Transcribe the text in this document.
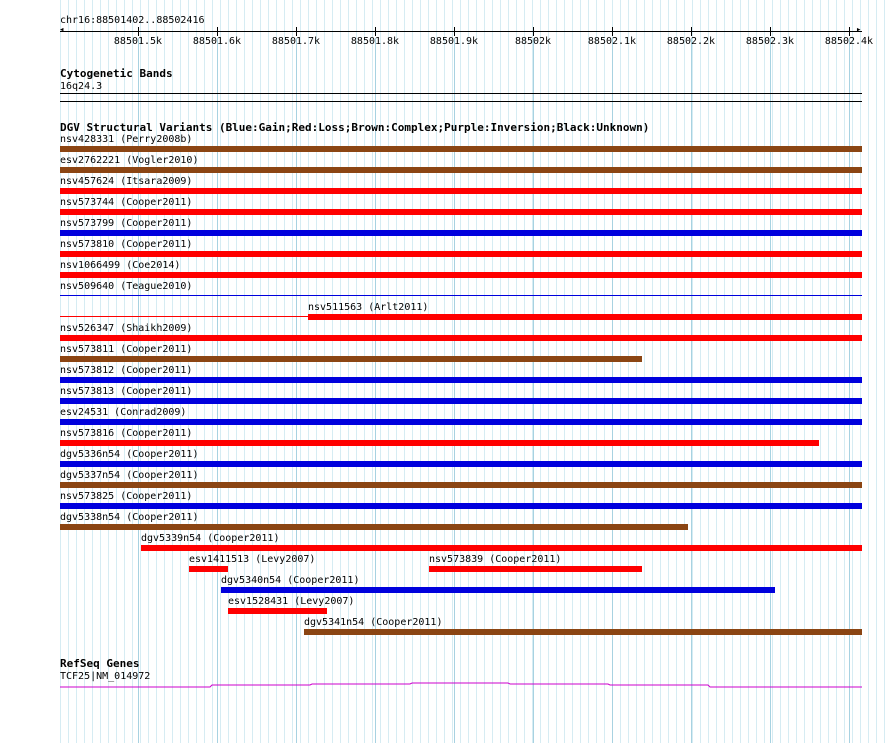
chr16:88501402..88502416
◂	▸
88501.5k	88501.6k	88501.7k	88501.8k	88501.9k	88502k	88502.1k	88502.2k	88502.3k	88502.4k
Cytogenetic Bands
16q24.3
DGV Structural Variants (Blue:Gain;Red:Loss;Brown:Complex;Purple:Inversion;Black:Unknown)
nsv428331 (Perry2008b)
esv2762221 (Vogler2010)
nsv457624 (Itsara2009)
nsv573744 (Cooper2011)
nsv573799 (Cooper2011)
nsv573810 (Cooper2011)
nsv1066499 (Coe2014)
nsv509640 (Teague2010)
nsv511563 (Arlt2011)
nsv526347 (Shaikh2009)
nsv573811 (Cooper2011)
nsv573812 (Cooper2011)
nsv573813 (Cooper2011)
esv24531 (Conrad2009)
nsv573816 (Cooper2011)
dgv5336n54 (Cooper2011)
dgv5337n54 (Cooper2011)
nsv573825 (Cooper2011)
dgv5338n54 (Cooper2011)
dgv5339n54 (Cooper2011)
esv1411513 (Levy2007)	nsv573839 (Cooper2011)
dgv5340n54 (Cooper2011)
esv1528431 (Levy2007)
dgv5341n54 (Cooper2011)
RefSeq Genes
TCF25|NM_014972
